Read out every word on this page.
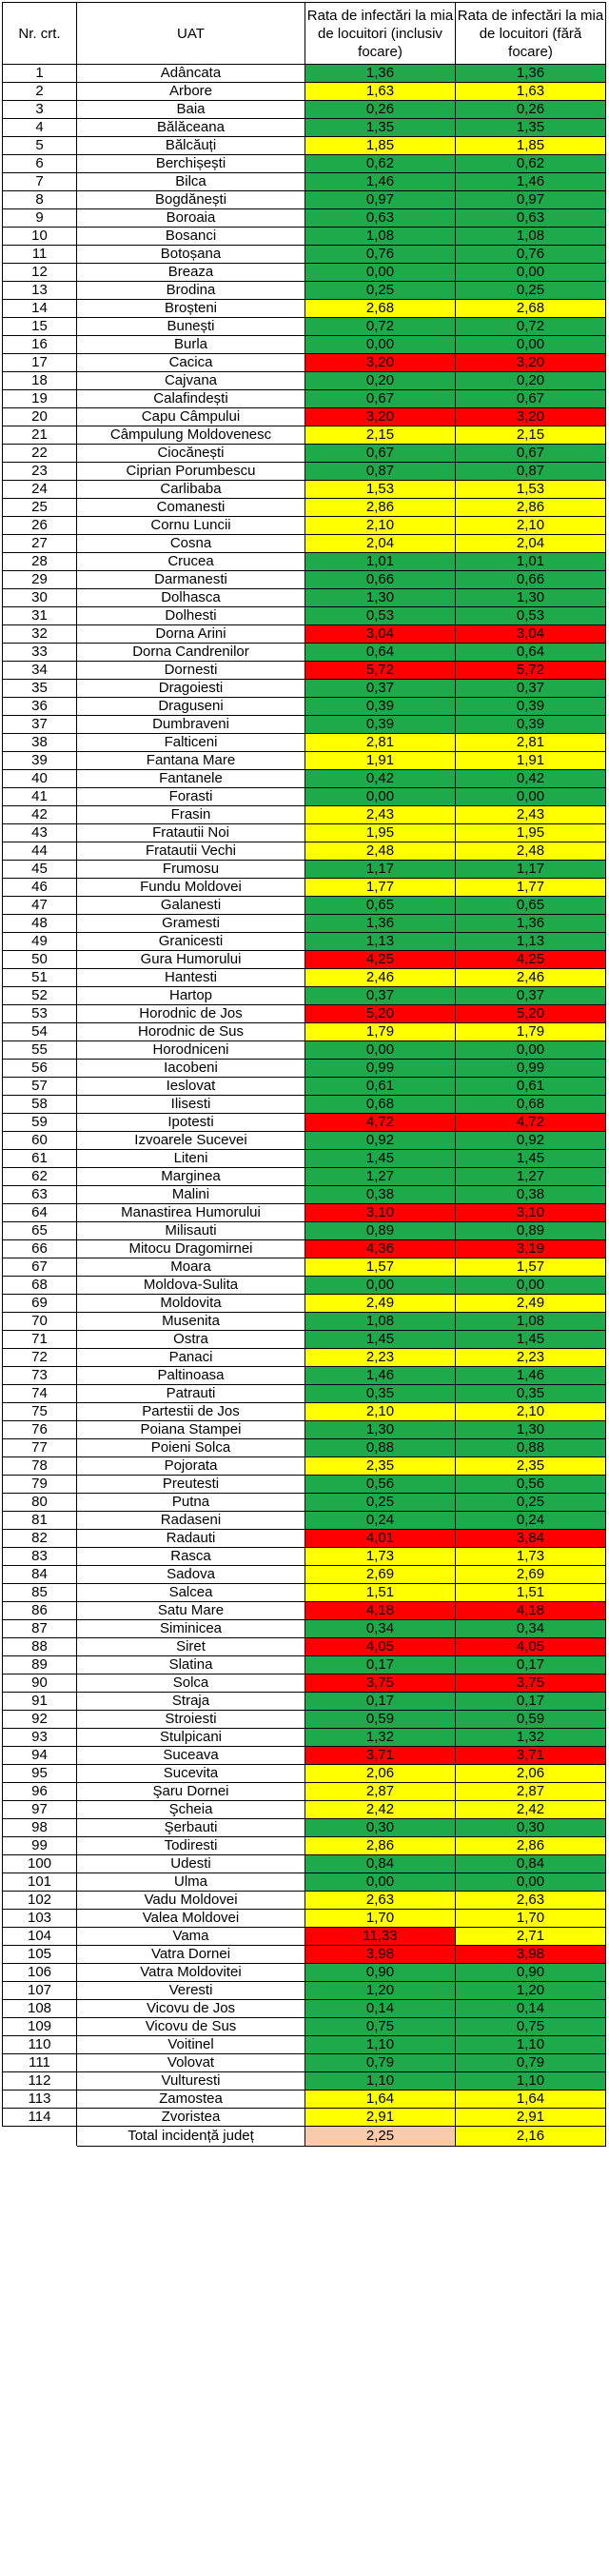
Nr. crt.	UAT	Rata de infectări la mia de locuitori (inclusiv focare)	Rata de infectări la mia de locuitori (fără focare)
1	Adâncata	1,36	1,36
2	Arbore	1,63	1,63
3	Baia	0,26	0,26
4	Bălăceana	1,35	1,35
5	Bălcăuți	1,85	1,85
6	Berchișești	0,62	0,62
7	Bilca	1,46	1,46
8	Bogdănești	0,97	0,97
9	Boroaia	0,63	0,63
10	Bosanci	1,08	1,08
11	Botoșana	0,76	0,76
12	Breaza	0,00	0,00
13	Brodina	0,25	0,25
14	Broșteni	2,68	2,68
15	Bunești	0,72	0,72
16	Burla	0,00	0,00
17	Cacica	3,20	3,20
18	Cajvana	0,20	0,20
19	Calafindești	0,67	0,67
20	Capu Câmpului	3,20	3,20
21	Câmpulung Moldovenesc	2,15	2,15
22	Ciocănești	0,67	0,67
23	Ciprian Porumbescu	0,87	0,87
24	Carlibaba	1,53	1,53
25	Comanesti	2,86	2,86
26	Cornu Luncii	2,10	2,10
27	Cosna	2,04	2,04
28	Crucea	1,01	1,01
29	Darmanesti	0,66	0,66
30	Dolhasca	1,30	1,30
31	Dolhesti	0,53	0,53
32	Dorna Arini	3,04	3,04
33	Dorna Candrenilor	0,64	0,64
34	Dornesti	5,72	5,72
35	Dragoiesti	0,37	0,37
36	Draguseni	0,39	0,39
37	Dumbraveni	0,39	0,39
38	Falticeni	2,81	2,81
39	Fantana Mare	1,91	1,91
40	Fantanele	0,42	0,42
41	Forasti	0,00	0,00
42	Frasin	2,43	2,43
43	Fratautii Noi	1,95	1,95
44	Fratautii Vechi	2,48	2,48
45	Frumosu	1,17	1,17
46	Fundu Moldovei	1,77	1,77
47	Galanesti	0,65	0,65
48	Gramesti	1,36	1,36
49	Granicesti	1,13	1,13
50	Gura Humorului	4,25	4,25
51	Hantesti	2,46	2,46
52	Hartop	0,37	0,37
53	Horodnic de Jos	5,20	5,20
54	Horodnic de Sus	1,79	1,79
55	Horodniceni	0,00	0,00
56	Iacobeni	0,99	0,99
57	Ieslovat	0,61	0,61
58	Ilisesti	0,68	0,68
59	Ipotesti	4,72	4,72
60	Izvoarele Sucevei	0,92	0,92
61	Liteni	1,45	1,45
62	Marginea	1,27	1,27
63	Malini	0,38	0,38
64	Manastirea Humorului	3,10	3,10
65	Milisauti	0,89	0,89
66	Mitocu Dragomirnei	4,36	3,19
67	Moara	1,57	1,57
68	Moldova-Sulita	0,00	0,00
69	Moldovita	2,49	2,49
70	Musenita	1,08	1,08
71	Ostra	1,45	1,45
72	Panaci	2,23	2,23
73	Paltinoasa	1,46	1,46
74	Patrauti	0,35	0,35
75	Partestii de Jos	2,10	2,10
76	Poiana Stampei	1,30	1,30
77	Poieni Solca	0,88	0,88
78	Pojorata	2,35	2,35
79	Preutesti	0,56	0,56
80	Putna	0,25	0,25
81	Radaseni	0,24	0,24
82	Radauti	4,01	3,84
83	Rasca	1,73	1,73
84	Sadova	2,69	2,69
85	Salcea	1,51	1,51
86	Satu Mare	4,18	4,18
87	Siminicea	0,34	0,34
88	Siret	4,05	4,05
89	Slatina	0,17	0,17
90	Solca	3,75	3,75
91	Straja	0,17	0,17
92	Stroiesti	0,59	0,59
93	Stulpicani	1,32	1,32
94	Suceava	3,71	3,71
95	Sucevita	2,06	2,06
96	Şaru Dornei	2,87	2,87
97	Şcheia	2,42	2,42
98	Şerbauti	0,30	0,30
99	Todiresti	2,86	2,86
100	Udesti	0,84	0,84
101	Ulma	0,00	0,00
102	Vadu Moldovei	2,63	2,63
103	Valea Moldovei	1,70	1,70
104	Vama	11,33	2,71
105	Vatra Dornei	3,98	3,98
106	Vatra Moldovitei	0,90	0,90
107	Veresti	1,20	1,20
108	Vicovu de Jos	0,14	0,14
109	Vicovu de Sus	0,75	0,75
110	Voitinel	1,10	1,10
111	Volovat	0,79	0,79
112	Vulturesti	1,10	1,10
113	Zamostea	1,64	1,64
114	Zvoristea	2,91	2,91
	Total incidență județ	2,25	2,16
